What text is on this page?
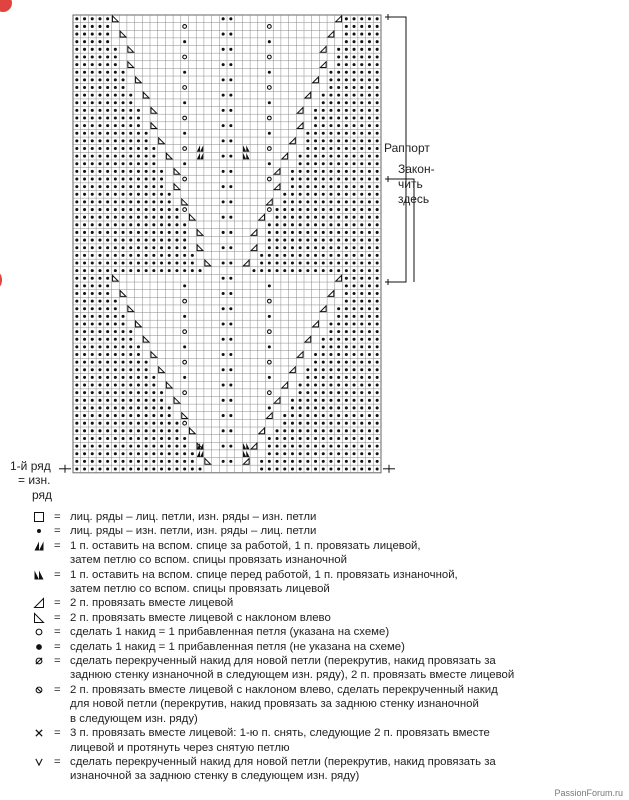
Раппорт
Закон-
чить
здесь
1-й ряд
= изн.
ряд
= лиц. ряды – лиц. петли, изн. ряды – изн. петли
= лиц. ряды – изн. петли, изн. ряды – лиц. петли
= 1 п. оставить на вспом. спице за работой, 1 п. провязать лицевой,
затем петлю со вспом. спицы провязать изнаночной
= 1 п. оставить на вспом. спице перед работой, 1 п. провязать изнаночной,
затем петлю со вспом. спицы провязать лицевой
= 2 п. провязать вместе лицевой
= 2 п. провязать вместе лицевой с наклоном влево
= сделать 1 накид = 1 прибавленная петля (указана на схеме)
= сделать 1 накид = 1 прибавленная петля (не указана на схеме)
= сделать перекрученный накид для новой петли (перекрутив, накид провязать за
заднюю стенку изнаночной в следующем изн. ряду), 2 п. провязать вместе лицевой
= 2 п. провязать вместе лицевой с наклоном влево, сделать перекрученный накид
для новой петли (перекрутив, накид провязать за заднюю стенку изнаночной
в следующем изн. ряду)
= 3 п. провязать вместе лицевой: 1-ю п. снять, следующие 2 п. провязать вместе
лицевой и протянуть через снятую петлю
= сделать перекрученный накид для новой петли (перекрутив, накид провязать за
изнаночной за заднюю стенку в следующем изн. ряду)
PassionForum.ru
